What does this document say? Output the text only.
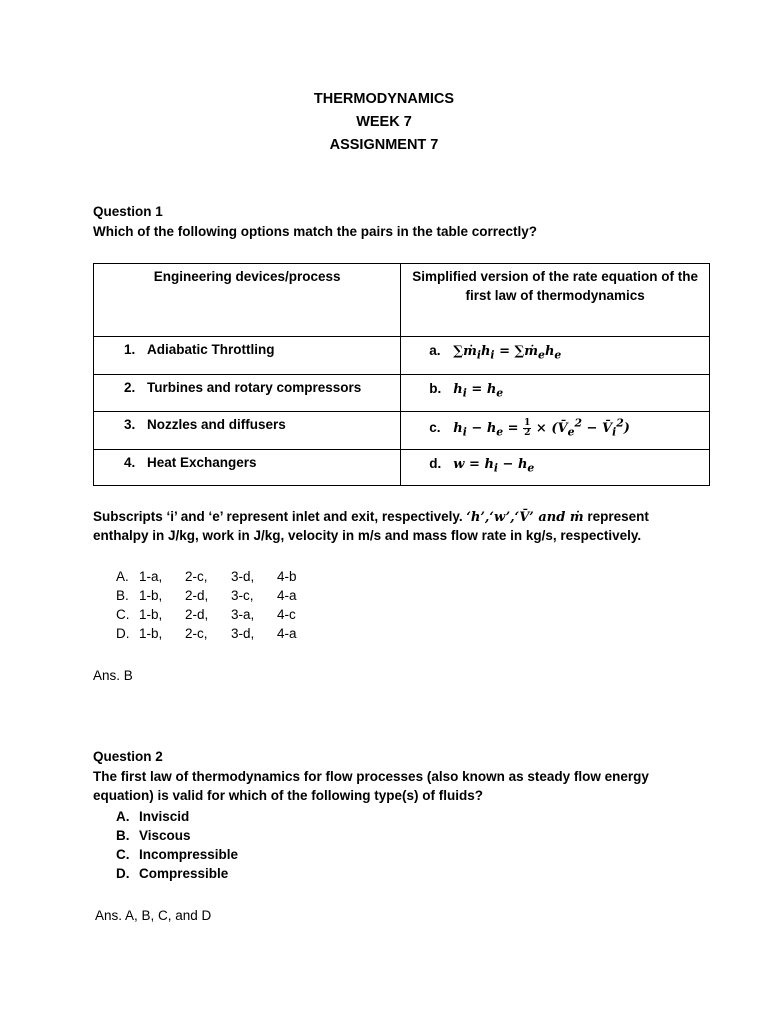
THERMODYNAMICS
WEEK 7
ASSIGNMENT 7
Question 1
Which of the following options match the pairs in the table correctly?
Engineering devices/process	Simplified version of the rate equation of the first law of thermodynamics

1. Adiabatic Throttling	a. $\sum ṁ_ih_i$ = $\sum ṁ_eh_e$

2. Turbines and rotary compressors	b. $h_i = h_e$

3. Nozzles and diffusers	c. $h_i - h_e = \frac{1}{2}$ × ($V̄_e^2$ − $V̄_i^2$)

4. Heat Exchangers	d. $w = h_i - h_e$
Subscripts ‘i’ and ‘e’ represent inlet and exit, respectively. ‘h’,‘w’,‘V̄’ and ṁ represent
enthalpy in J/kg, work in J/kg, velocity in m/s and mass flow rate in kg/s, respectively.
A. 1-a, 2-c, 3-d, 4-b
B. 1-b, 2-d, 3-c, 4-a
C. 1-b, 2-d, 3-a, 4-c
D. 1-b, 2-c, 3-d, 4-a
Ans. B
Question 2
The first law of thermodynamics for flow processes (also known as steady flow energy
equation) is valid for which of the following type(s) of fluids?
A. Inviscid
B. Viscous
C. Incompressible
D. Compressible
Ans. A, B, C, and D
